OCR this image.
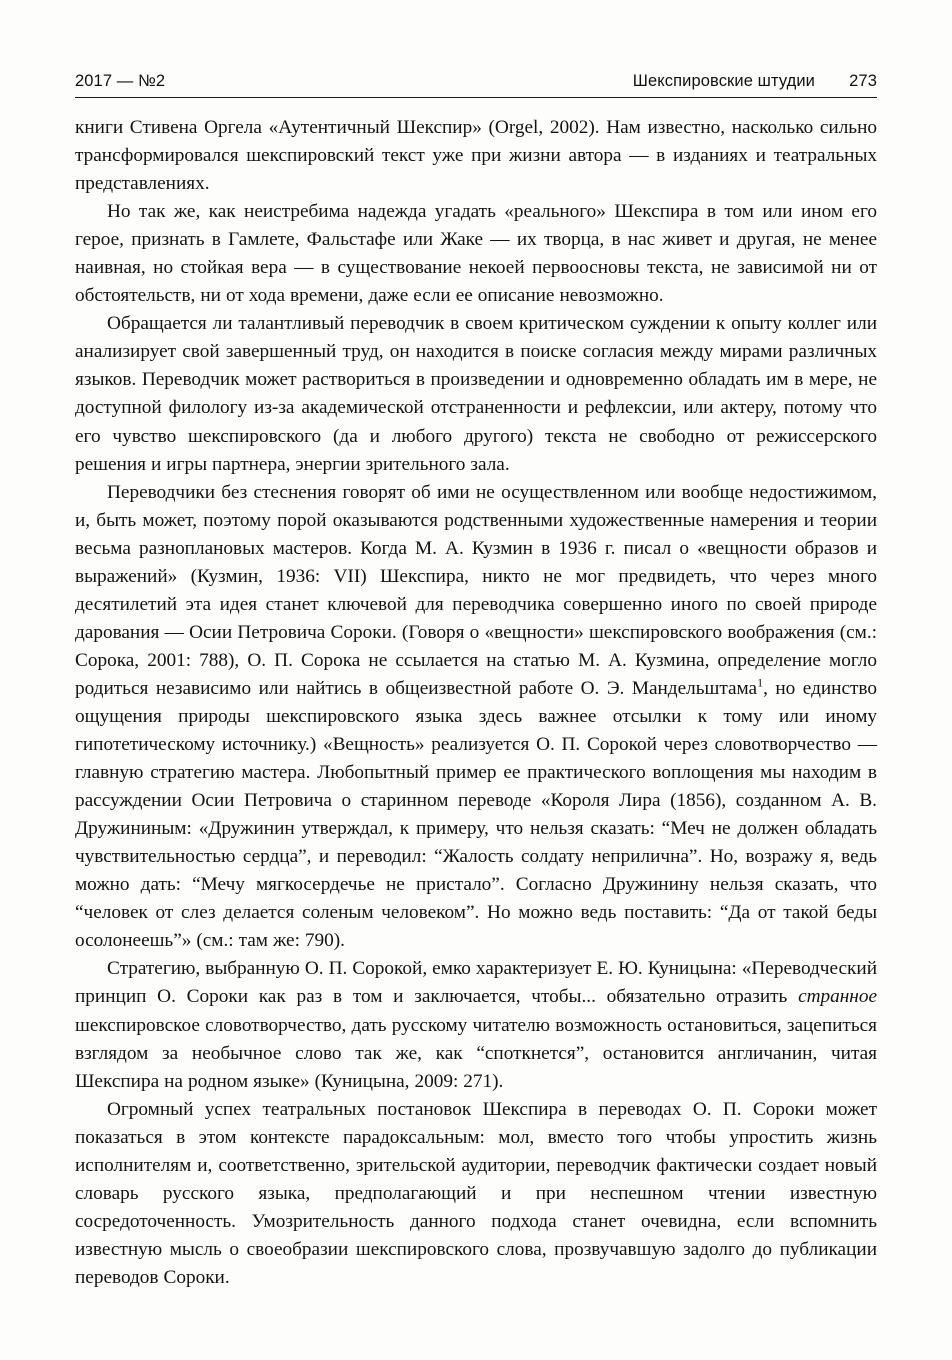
2017 — №2	Шекспировские штудии 273

книги Стивена Оргела «Аутентичный Шекспир» (Orgel, 2002). Нам известно, насколько сильно трансформировался шекспировский текст уже при жизни автора — в изданиях и театральных представлениях.

Но так же, как неистребима надежда угадать «реального» Шекспира в том или ином его герое, признать в Гамлете, Фальстафе или Жаке — их творца, в нас живет и другая, не менее наивная, но стойкая вера — в существование некоей первоосновы текста, не зависимой ни от обстоятельств, ни от хода времени, даже если ее описание невозможно.

Обращается ли талантливый переводчик в своем критическом суждении к опыту коллег или анализирует свой завершенный труд, он находится в поиске согласия между мирами различных языков. Переводчик может раствориться в произведении и одновременно обладать им в мере, не доступной филологу из-за академической отстраненности и рефлексии, или актеру, потому что его чувство шекспировского (да и любого другого) текста не свободно от режиссерского решения и игры партнера, энергии зрительного зала.

Переводчики без стеснения говорят об ими не осуществленном или вообще недостижимом, и, быть может, поэтому порой оказываются родственными художественные намерения и теории весьма разноплановых мастеров. Когда М. А. Кузмин в 1936 г. писал о «вещности образов и выражений» (Кузмин, 1936: VII) Шекспира, никто не мог предвидеть, что через много десятилетий эта идея станет ключевой для переводчика совершенно иного по своей природе дарования — Осии Петровича Сороки. (Говоря о «вещности» шекспировского воображения (см.: Сорока, 2001: 788), О. П. Сорока не ссылается на статью М. А. Кузмина, определение могло родиться независимо или найтись в общеизвестной работе О. Э. Мандельштама$^1$, но единство ощущения природы шекспировского языка здесь важнее отсылки к тому или иному гипотетическому источнику.) «Вещность» реализуется О. П. Сорокой через словотворчество — главную стратегию мастера. Любопытный пример ее практического воплощения мы находим в рассуждении Осии Петровича о старинном переводе «Короля Лира (1856), созданном А. В. Дружининым: «Дружинин утверждал, к примеру, что нельзя сказать: “Меч не должен обладать чувствительностью сердца”, и переводил: “Жалость солдату неприлична”. Но, возражу я, ведь можно дать: “Мечу мягкосердечье не пристало”. Согласно Дружинину нельзя сказать, что “человек от слез делается соленым человеком”. Но можно ведь поставить: “Да от такой беды осолонеешь”» (см.: там же: 790).

Стратегию, выбранную О. П. Сорокой, емко характеризует Е. Ю. Куницына: «Переводческий принцип О. Сороки как раз в том и заключается, чтобы... обязательно отразить странное шекспировское словотворчество, дать русскому читателю возможность остановиться, зацепиться взглядом за необычное слово так же, как “споткнется”, остановится англичанин, читая Шекспира на родном языке» (Куницына, 2009: 271).

Огромный успех театральных постановок Шекспира в переводах О. П. Сороки может показаться в этом контексте парадоксальным: мол, вместо того чтобы упростить жизнь исполнителям и, соответственно, зрительской аудитории, переводчик фактически создает новый словарь русского языка, предполагающий и при неспешном чтении известную сосредоточенность. Умозрительность данного подхода станет очевидна, если вспомнить известную мысль о своеобразии шекспировского слова, прозвучавшую задолго до публикации переводов Сороки.
